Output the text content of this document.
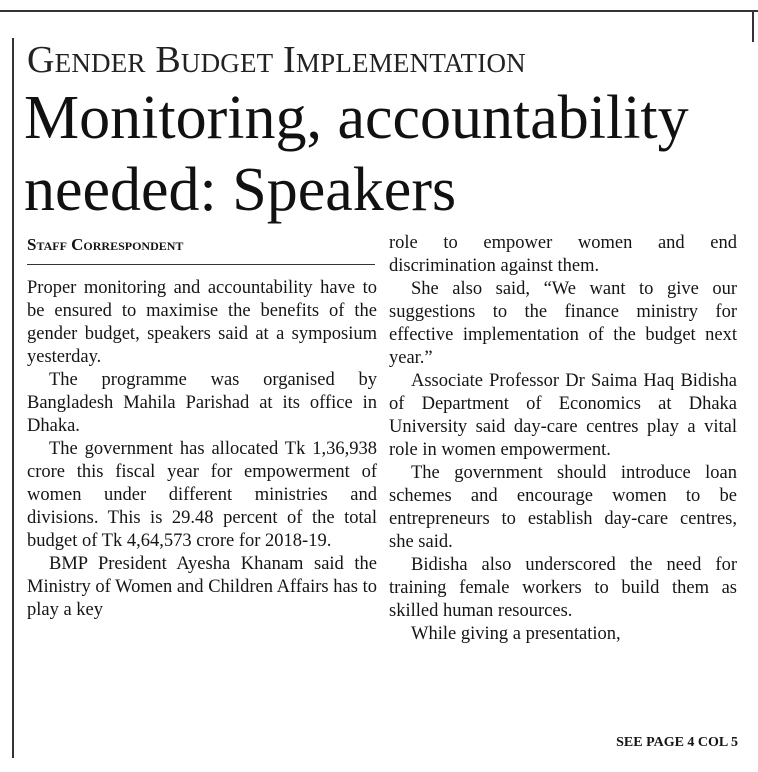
Gender Budget Implementation
Monitoring, accountability needed: Speakers
Staff Correspondent

Proper monitoring and accountability have to be ensured to maximise the benefits of the gender budget, speakers said at a symposium yesterday.

The programme was organised by Bangladesh Mahila Parishad at its office in Dhaka.

The government has allocated Tk 1,36,938 crore this fiscal year for empowerment of women under different ministries and divisions. This is 29.48 percent of the total budget of Tk 4,64,573 crore for 2018-19.

BMP President Ayesha Khanam said the Ministry of Women and Children Affairs has to play a key

role to empower women and end discrimination against them.

She also said, “We want to give our suggestions to the finance ministry for effective implementation of the budget next year.”

Associate Professor Dr Saima Haq Bidisha of Department of Economics at Dhaka University said day-care centres play a vital role in women empowerment.

The government should introduce loan schemes and encourage women to be entrepreneurs to establish day-care centres, she said.

Bidisha also underscored the need for training female workers to build them as skilled human resources.

While giving a presentation,

SEE PAGE 4 COL 5
